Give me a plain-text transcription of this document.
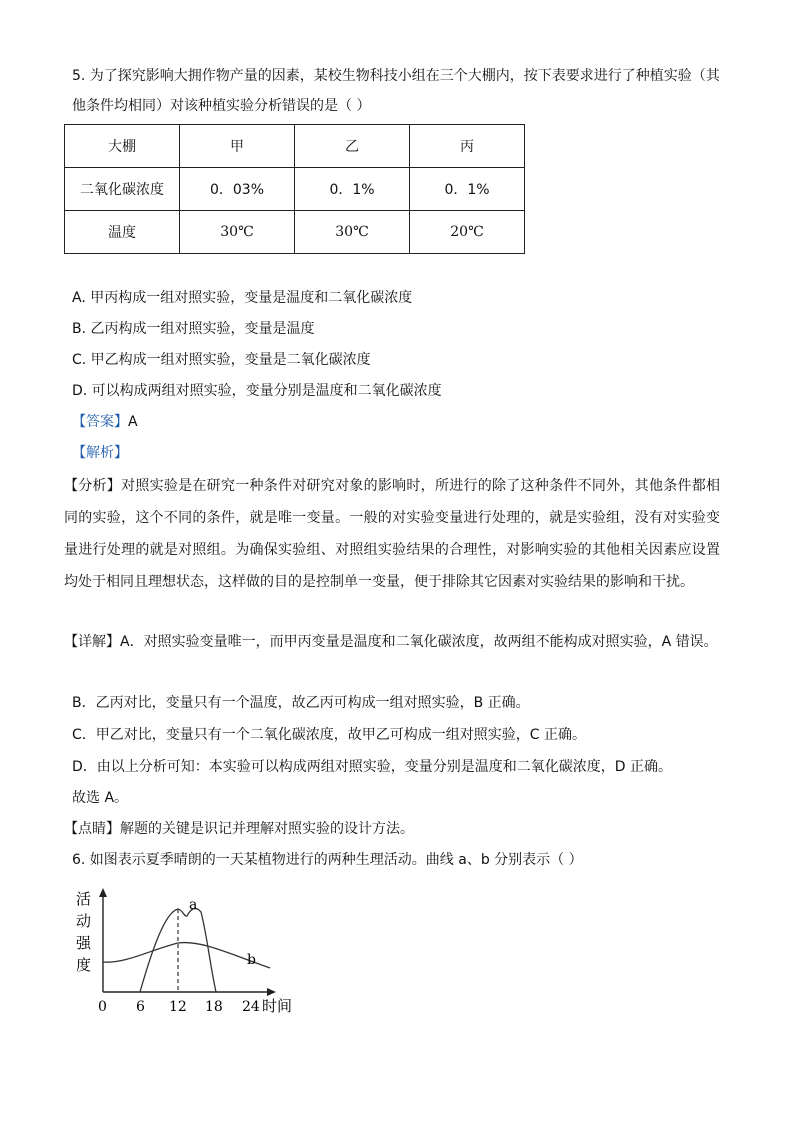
5. 为了探究影响大拥作物产量的因素，某校生物科技小组在三个大棚内，按下表要求进行了种植实验（其
他条件均相同）对该种植实验分析错误的是（ ）
大棚	甲	乙	丙
二氧化碳浓度	0．03%	0．1%	0．1%
温度	30℃	30℃	20℃
A. 甲丙构成一组对照实验，变量是温度和二氧化碳浓度
B. 乙丙构成一组对照实验，变量是温度
C. 甲乙构成一组对照实验，变量是二氧化碳浓度
D. 可以构成两组对照实验，变量分别是温度和二氧化碳浓度
【答案】A
【解析】
【分析】对照实验是在研究一种条件对研究对象的影响时，所进行的除了这种条件不同外，其他条件都相同的实验，这个不同的条件，就是唯一变量。一般的对实验变量进行处理的，就是实验组，没有对实验变量进行处理的就是对照组。为确保实验组、对照组实验结果的合理性，对影响实验的其他相关因素应设置均处于相同且理想状态，这样做的目的是控制单一变量，便于排除其它因素对实验结果的影响和干扰。
【详解】A．对照实验变量唯一，而甲丙变量是温度和二氧化碳浓度，故两组不能构成对照实验，A 错误。
B．乙丙对比，变量只有一个温度，故乙丙可构成一组对照实验，B 正确。
C．甲乙对比，变量只有一个二氧化碳浓度，故甲乙可构成一组对照实验，C 正确。
D．由以上分析可知：本实验可以构成两组对照实验，变量分别是温度和二氧化碳浓度，D 正确。
故选 A。
【点睛】解题的关键是识记并理解对照实验的设计方法。
6. 如图表示夏季晴朗的一天某植物进行的两种生理活动。曲线 a、b 分别表示（ ）
活
动
强
度	b
a
0 6 12 18 24 时间
